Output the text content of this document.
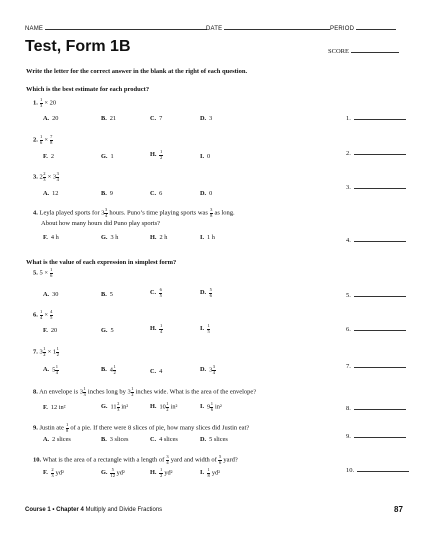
NAME	DATE	PERIOD
Test, Form 1B	SCORE
Write the letter for the correct answer in the blank at the right of each question.
Which is the best estimate for each product?
1. $\frac{1}{3} \times 20$
A. 20	B. 21	C. 7	D. 3	1.
2. $\frac{1}{6} \times \frac{7}{8}$
F. 2	G. 1	H. $\frac{1}{2}$	I. 0	2.
3. $2 \frac{2}{3} \times 3 \frac{3}{4}$
A. 12	B. 9	C. 6	D. 0
3.
4. Leyla played sports for $3 \frac{3}{4}$ hours. Puno’s time playing sports was $\frac{3}{8}$ as long.
About how many hours did Puno play sports?
F. 4 h	G. 3 h	H. 2 h	I. 1 h	4.
What is the value of each expression in simplest form?
5. $5 \times \frac{1}{6}$
A. 30	B. 5	C. $\frac{6}{5}$	D. $\frac{5}{6}$	5.
6. $\frac{1}{4} \times \frac{4}{5}$
F. 20	G. 5	H. $\frac{1}{4}$	I. $\frac{1}{5}$	6.
7. $3 \frac{1}{2} \times 1 \frac{1}{2}$
A. $5 \frac{1}{4}$	B. $4 \frac{1}{2}$	C. 4	D. $3 \frac{3}{4}$	7.
8. An envelope is $3 \frac{1}{3}$ inches long by $3 \frac{1}{2}$ inches wide. What is the area of the envelope?
F. 12 in²	G. $11 \frac{2}{3} in^2$	H. $10 \frac{1}{2} in^2$	I. $9 \frac{1}{6} in^2$	8.
9. Justin ate $\frac{1}{8}$ of a pie. If there were 8 slices of pie, how many slices did Justin eat?
A. 2 slices	B. 3 slices	C. 4 slices	D. 5 slices	9.
10. What is the area of a rectangle with a length of $\frac{3}{4}$ yard and width of $\frac{5}{6}$ yard?
F. $\frac{2}{3} yd^2$	G. $\frac{5}{12} yd^2$	H. $\frac{1}{2} yd^2$	I. $\frac{1}{8} yd^2$	10.
Course 1 • Chapter 4 Multiply and Divide Fractions	87
